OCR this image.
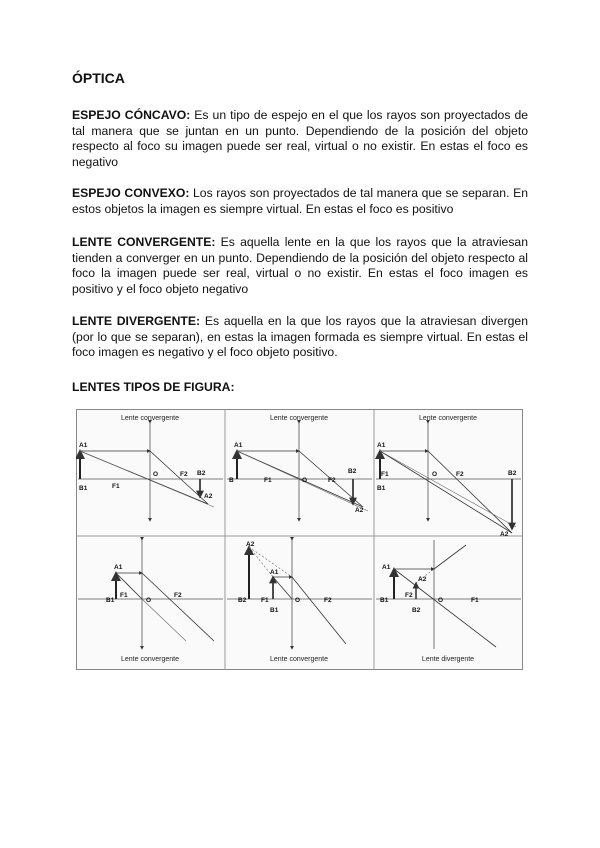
ÓPTICA

ESPEJO CÓNCAVO: Es un tipo de espejo en el que los rayos son proyectados de tal manera que se juntan en un punto. Dependiendo de la posición del objeto respecto al foco su imagen puede ser real, virtual o no existir. En estas el foco es negativo

ESPEJO CONVEXO: Los rayos son proyectados de tal manera que se separan. En estos objetos la imagen es siempre virtual. En estas el foco es positivo

LENTE CONVERGENTE: Es aquella lente en la que los rayos que la atraviesan tienden a converger en un punto. Dependiendo de la posición del objeto respecto al foco la imagen puede ser real, virtual o no existir. En estas el foco imagen es positivo y el foco objeto negativo

LENTE DIVERGENTE: Es aquella en la que los rayos que la atraviesan divergen (por lo que se separan), en estas la imagen formada es siempre virtual. En estas el foco imagen es negativo y el foco objeto positivo.

LENTES TIPOS DE FIGURA:
Lente convergente
A1
B1	F1
O	F2 B2
A2
Lente convergente
A1
B	F1	O	F2
B2
A2
Lente convergente
A1
B1
F1	O	F2	B2
A2
Lente convergente
A1
B1
F1
O
F2
Lente convergente
A2
A1
B2 F1
B1
O	F2
Lente divergente
A1
A2
B1
F2
B2
O	F1
